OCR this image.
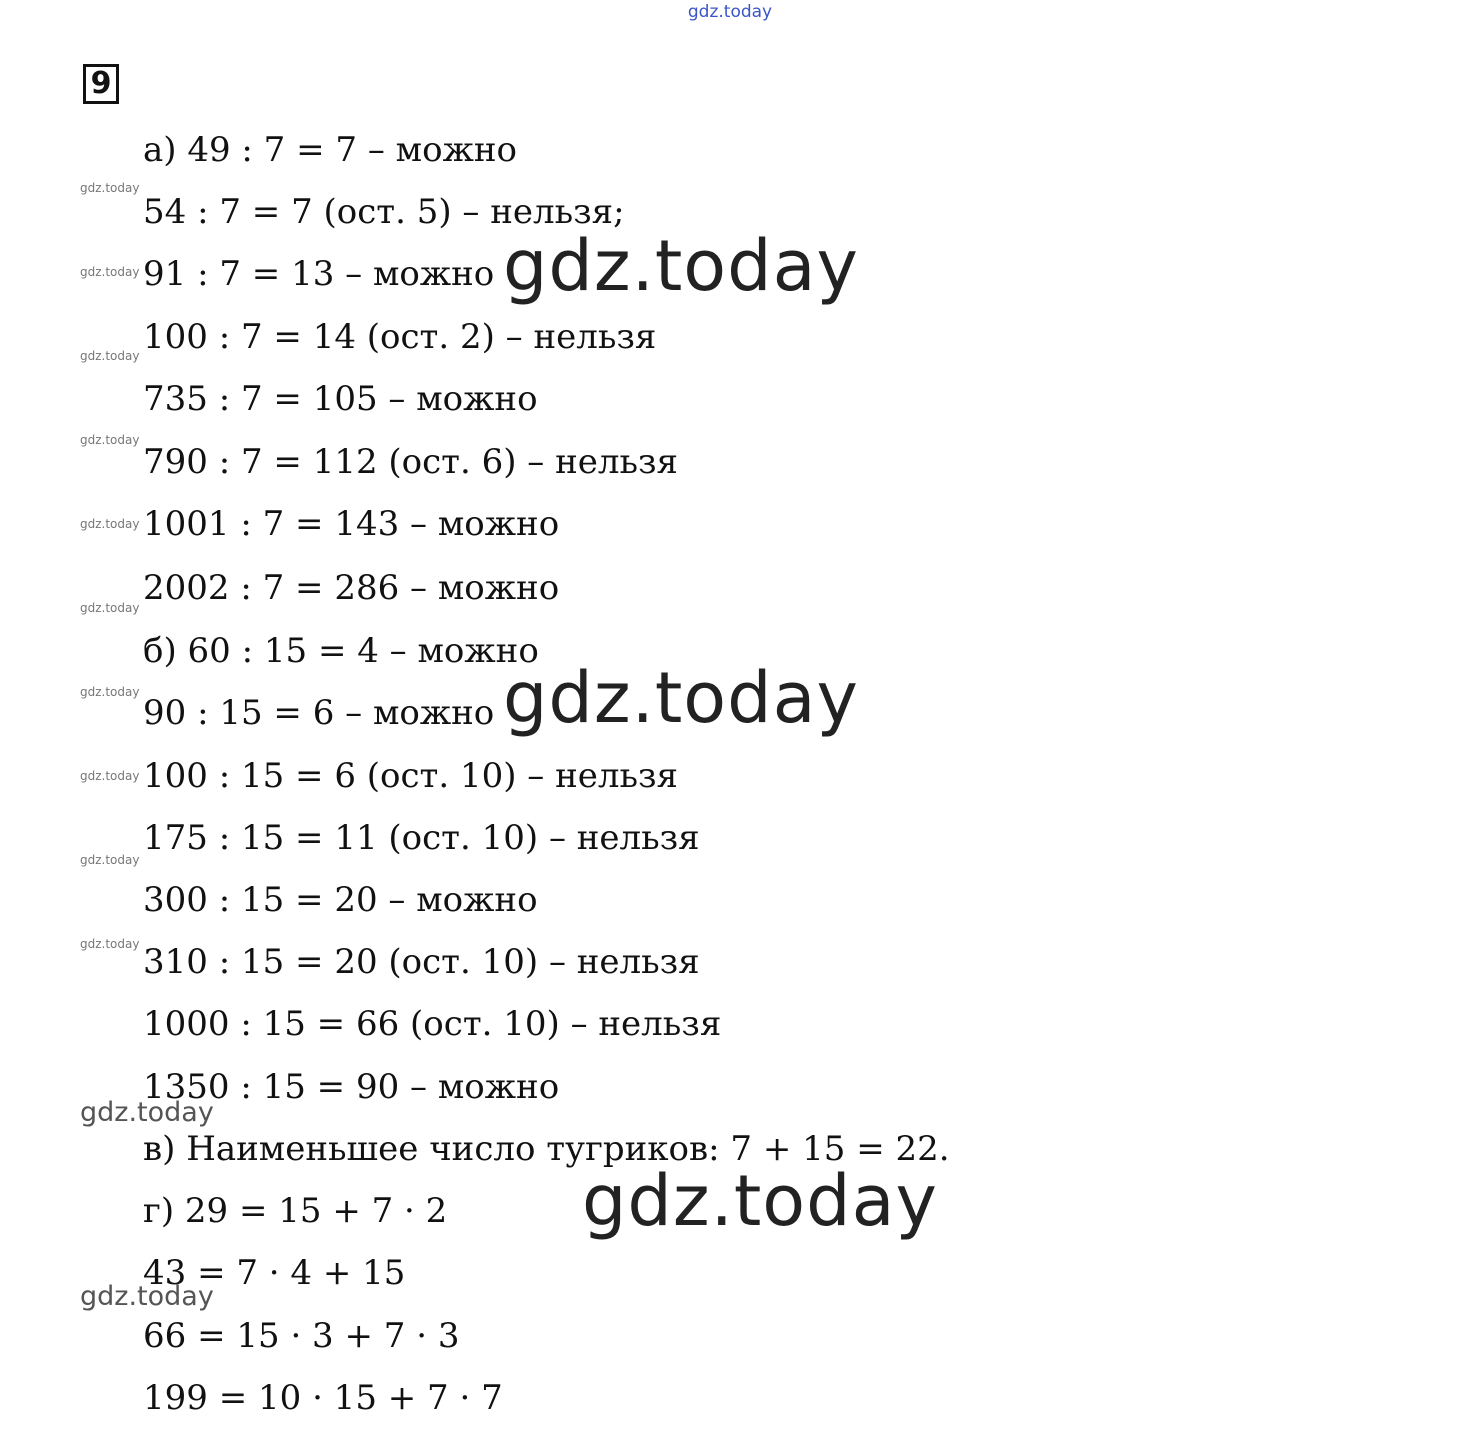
gdz.today
9
а) 49 : 7 = 7 – можно
54 : 7 = 7 (ост. 5) – нельзя;
91 : 7 = 13 – можно
100 : 7 = 14 (ост. 2) – нельзя
735 : 7 = 105 – можно
790 : 7 = 112 (ост. 6) – нельзя
1001 : 7 = 143 – можно
2002 : 7 = 286 – можно
б) 60 : 15 = 4 – можно
90 : 15 = 6 – можно
100 : 15 = 6 (ост. 10) – нельзя
175 : 15 = 11 (ост. 10) – нельзя
300 : 15 = 20 – можно
310 : 15 = 20 (ост. 10) – нельзя
1000 : 15 = 66 (ост. 10) – нельзя
1350 : 15 = 90 – можно
в) Наименьшее число тугриков: 7 + 15 = 22.
г) 29 = 15 + 7 · 2
43 = 7 · 4 + 15
66 = 15 · 3 + 7 · 3
199 = 10 · 15 + 7 · 7
gdz.today
gdz.today
gdz.today
gdz.today
gdz.today
gdz.today
gdz.today
gdz.today
gdz.today
gdz.today
gdz.today
gdz.today
gdz.today
gdz.today
gdz.today
